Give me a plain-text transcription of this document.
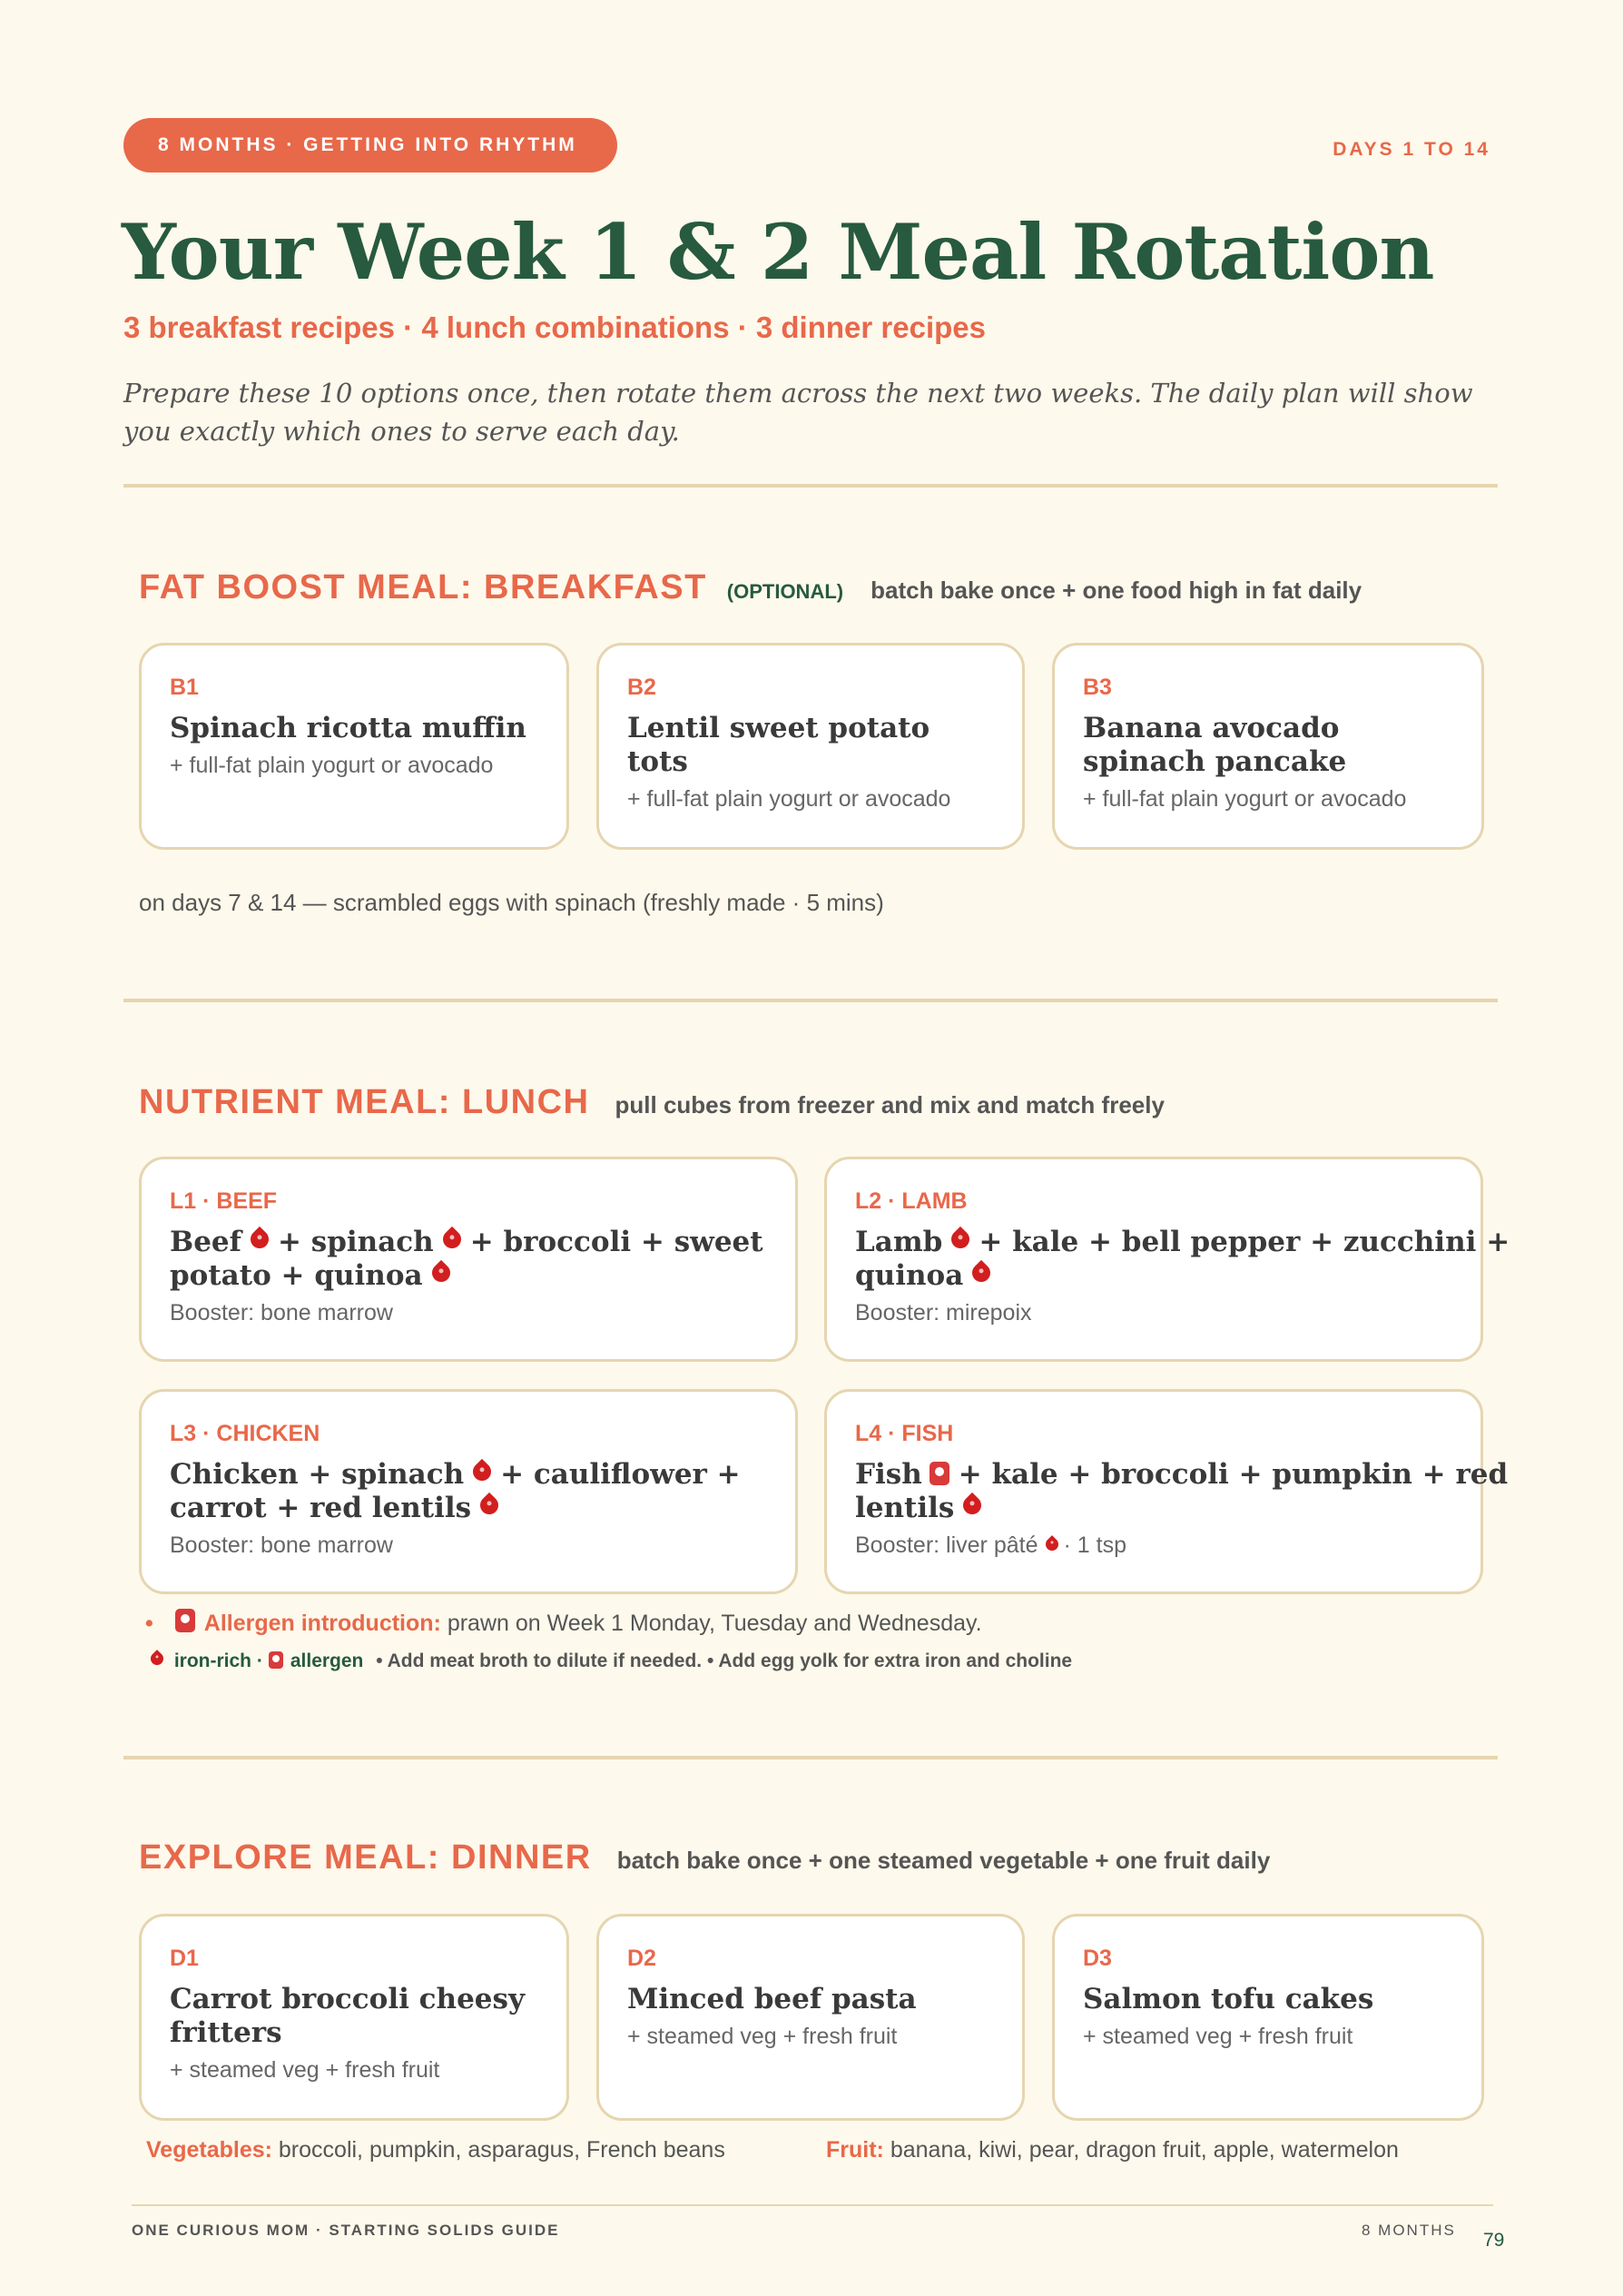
8 MONTHS · GETTING INTO RHYTHM	DAYS 1 TO 14
Your Week 1 & 2 Meal Rotation
3 breakfast recipes · 4 lunch combinations · 3 dinner recipes

Prepare these 10 options once, then rotate them across the next two weeks. The daily plan will show you exactly which ones to serve each day.

FAT BOOST MEAL: BREAKFAST (OPTIONAL) batch bake once + one food high in fat daily
B1
Spinach ricotta muffin
+ full-fat plain yogurt or avocado
B2
Lentil sweet potato tots
+ full-fat plain yogurt or avocado
B3
Banana avocado spinach pancake
+ full-fat plain yogurt or avocado
on days 7 & 14 — scrambled eggs with spinach (freshly made · 5 mins)
NUTRIENT MEAL: LUNCH pull cubes from freezer and mix and match freely
L1 · BEEF
Beef + spinach + broccoli + sweet
potato + quinoa
Booster: bone marrow
L2 · LAMB
Lamb + kale + bell pepper + zucchini +
quinoa
Booster: mirepoix
L3 · CHICKEN
Chicken + spinach + cauliflower +
carrot + red lentils
Booster: bone marrow
L4 · FISH
Fish + kale + broccoli + pumpkin + red
lentils
Booster: liver pâté · 1 tsp
• Allergen introduction: prawn on Week 1 Monday, Tuesday and Wednesday.
iron-rich · allergen • Add meat broth to dilute if needed. • Add egg yolk for extra iron and choline
EXPLORE MEAL: DINNER batch bake once + one steamed vegetable + one fruit daily
D1
Carrot broccoli cheesy fritters
+ steamed veg + fresh fruit
D2
Minced beef pasta
+ steamed veg + fresh fruit
D3
Salmon tofu cakes
+ steamed veg + fresh fruit
Vegetables: broccoli, pumpkin, asparagus, French beans	Fruit: banana, kiwi, pear, dragon fruit, apple, watermelon
ONE CURIOUS MOM · STARTING SOLIDS GUIDE	8 MONTHS 79
